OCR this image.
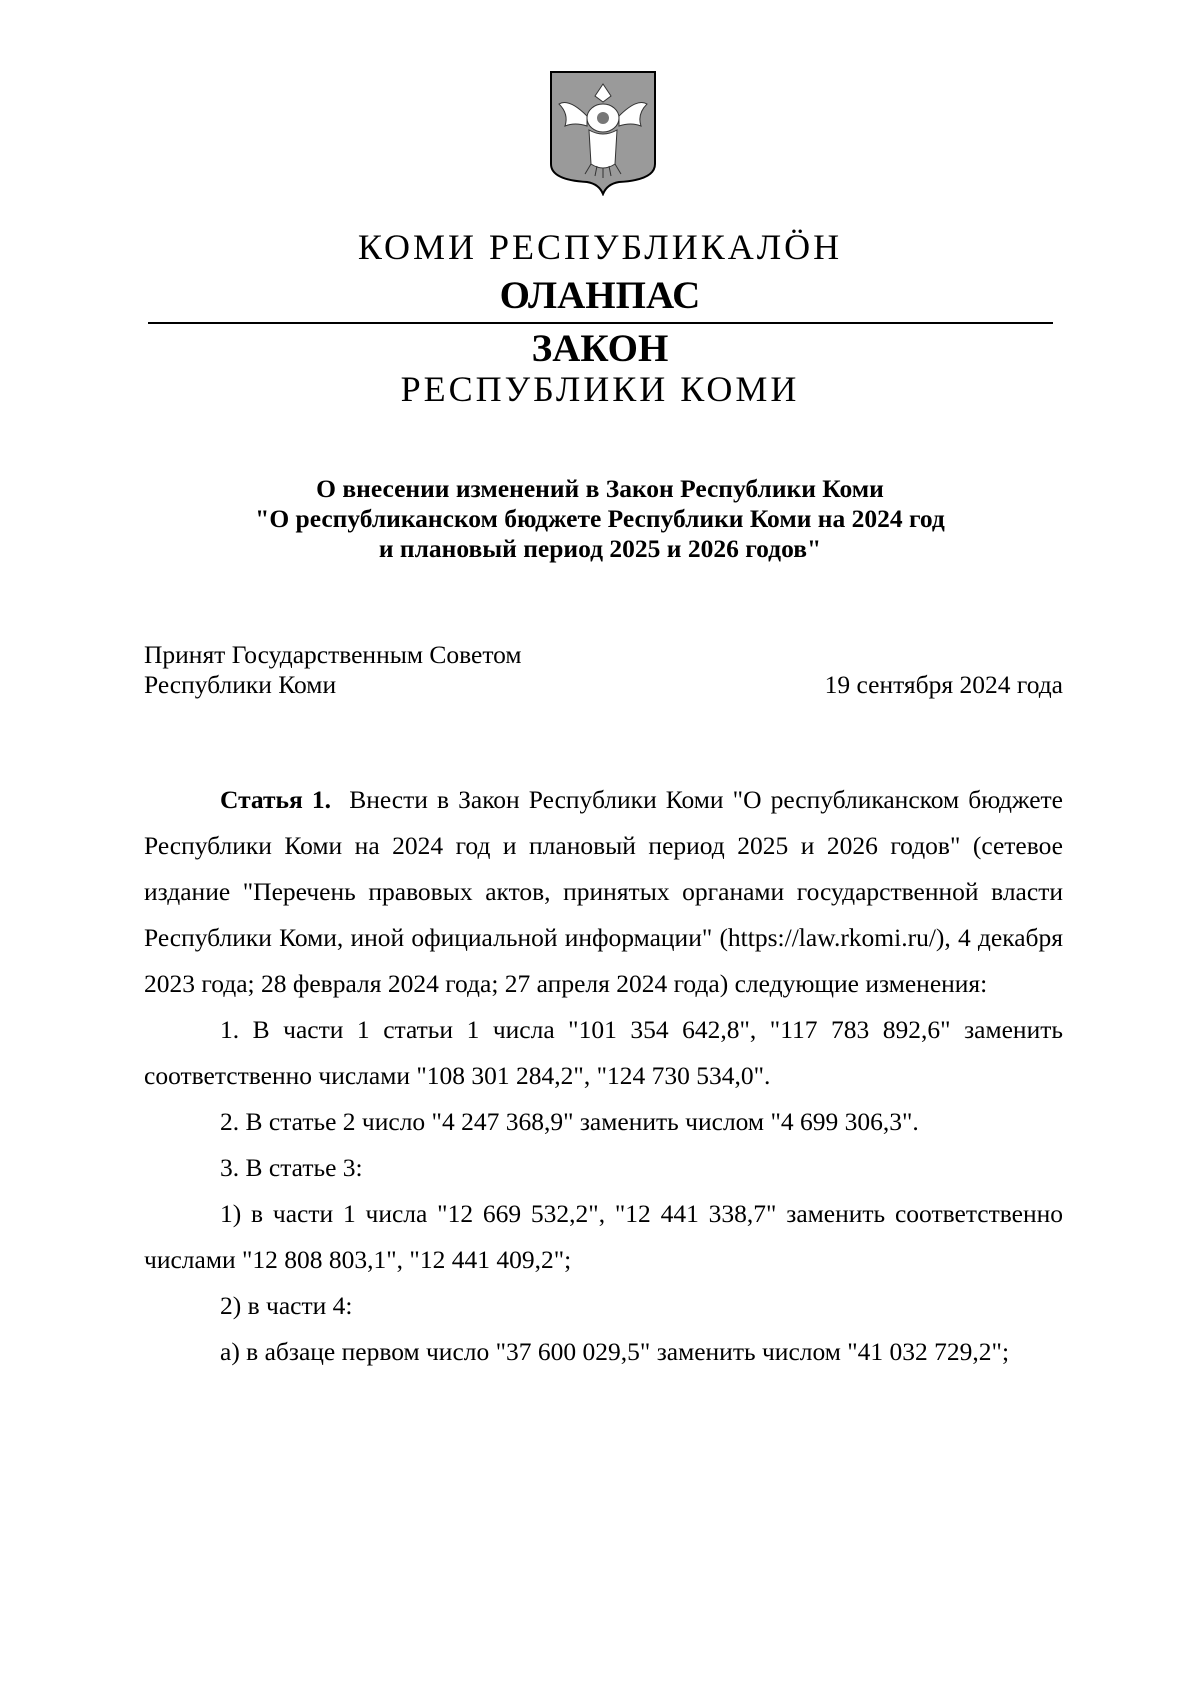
КОМИ РЕСПУБЛИКАЛÖН
ОЛАНПАС
ЗАКОН
РЕСПУБЛИКИ КОМИ
О внесении изменений в Закон Республики Коми
"О республиканском бюджете Республики Коми на 2024 год
и плановый период 2025 и 2026 годов"
Принят Государственным Советом
Республики Коми	19 сентября 2024 года

Статья 1. Внести в Закон Республики Коми "О республиканском бюджете Республики Коми на 2024 год и плановый период 2025 и 2026 годов" (сетевое издание "Перечень правовых актов, принятых органами государственной власти Республики Коми, иной официальной информации" (https://law.rkomi.ru/), 4 декабря 2023 года; 28 февраля 2024 года; 27 апреля 2024 года) следующие изменения:

1. В части 1 статьи 1 числа "101 354 642,8", "117 783 892,6" заменить соответственно числами "108 301 284,2", "124 730 534,0".

2. В статье 2 число "4 247 368,9" заменить числом "4 699 306,3".

3. В статье 3:

1) в части 1 числа "12 669 532,2", "12 441 338,7" заменить соответственно числами "12 808 803,1", "12 441 409,2";

2) в части 4:

а) в абзаце первом число "37 600 029,5" заменить числом "41 032 729,2";
